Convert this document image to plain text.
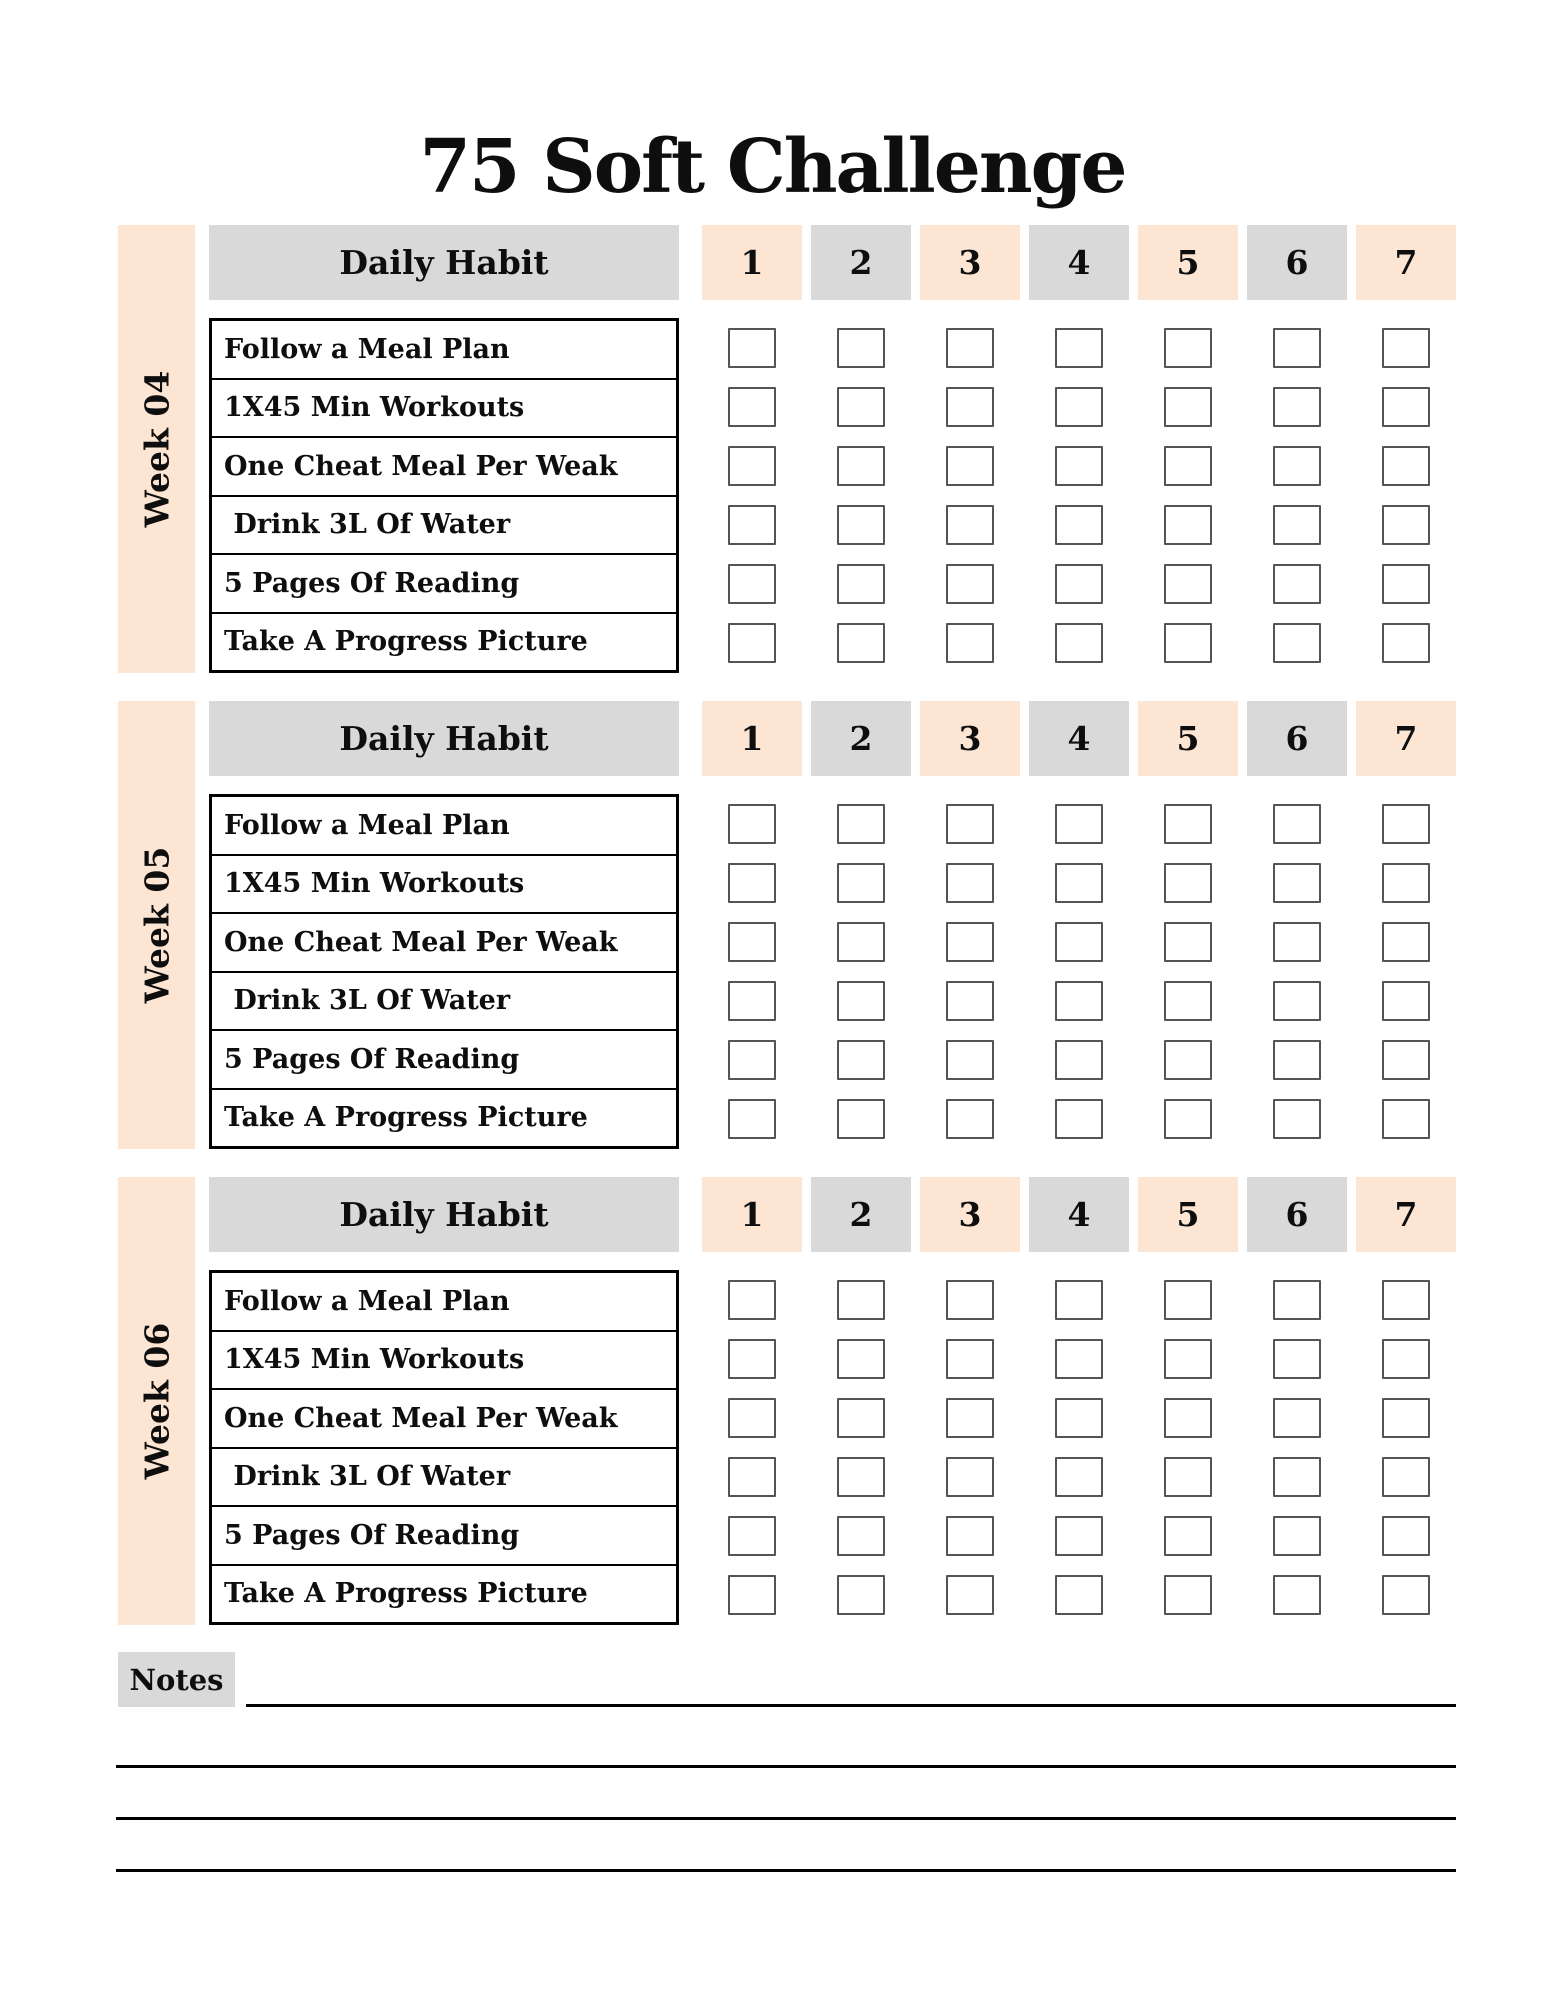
75 Soft Challenge
Week 04
Daily Habit	1	2	3	4	5	6	7
Follow a Meal Plan
1X45 Min Workouts
One Cheat Meal Per Weak
Drink 3L Of Water
5 Pages Of Reading
Take A Progress Picture
Week 05
Daily Habit	1	2	3	4	5	6	7
Follow a Meal Plan
1X45 Min Workouts
One Cheat Meal Per Weak
Drink 3L Of Water
5 Pages Of Reading
Take A Progress Picture
Week 06
Daily Habit	1	2	3	4	5	6	7
Follow a Meal Plan
1X45 Min Workouts
One Cheat Meal Per Weak
Drink 3L Of Water
5 Pages Of Reading
Take A Progress Picture
Notes
